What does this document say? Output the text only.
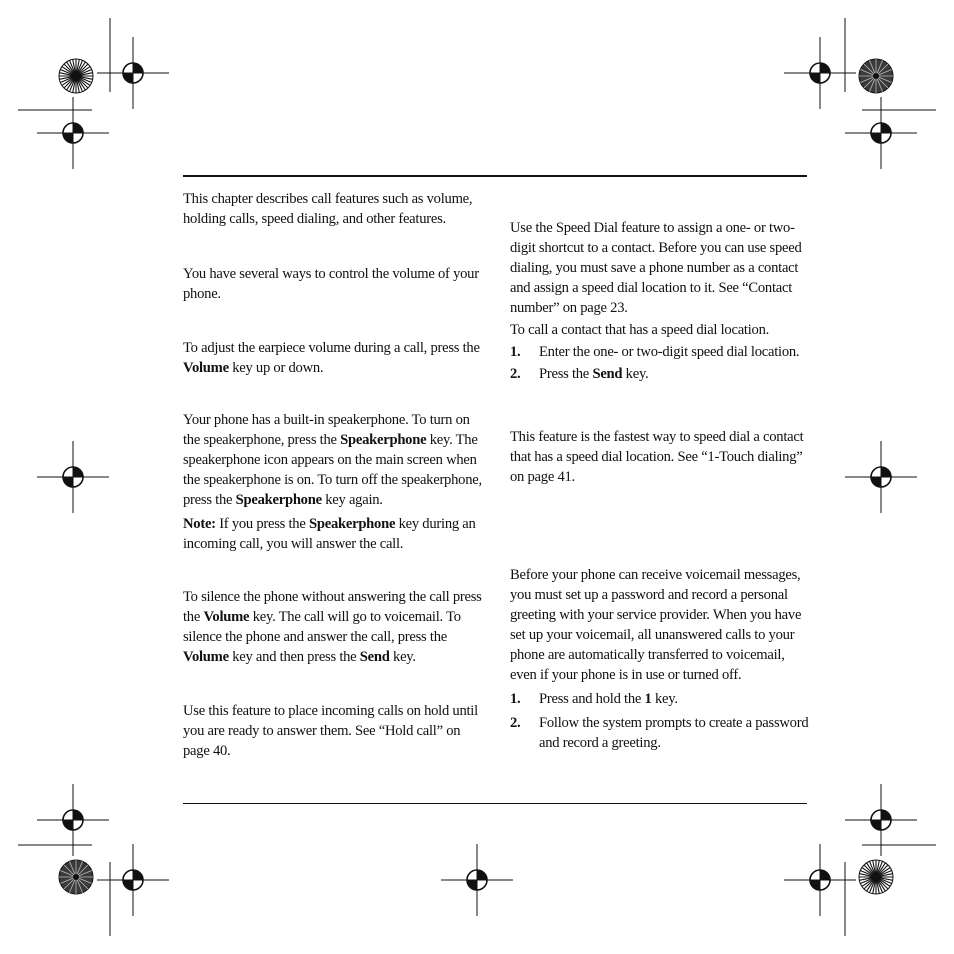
This chapter describes call features such as volume, holding calls, speed dialing, and other features.

You have several ways to control the volume of your phone.

To adjust the earpiece volume during a call, press the Volume key up or down.

Your phone has a built-in speakerphone. To turn on the speakerphone, press the Speakerphone key. The speakerphone icon appears on the main screen when the speakerphone is on. To turn off the speakerphone, press the Speakerphone key again.

Note: If you press the Speakerphone key during an incoming call, you will answer the call.

To silence the phone without answering the call press the Volume key. The call will go to voicemail. To silence the phone and answer the call, press the Volume key and then press the Send key.

Use this feature to place incoming calls on hold until you are ready to answer them. See “Hold call” on page 40.

Use the Speed Dial feature to assign a one- or two-digit shortcut to a contact. Before you can use speed dialing, you must save a phone number as a contact and assign a speed dial location to it. See “Contact number” on page 23.

To call a contact that has a speed dial location.

1. Enter the one- or two-digit speed dial location.
2. Press the Send key.

This feature is the fastest way to speed dial a contact that has a speed dial location. See “1-Touch dialing” on page 41.

Before your phone can receive voicemail messages, you must set up a password and record a personal greeting with your service provider. When you have set up your voicemail, all unanswered calls to your phone are automatically transferred to voicemail, even if your phone is in use or turned off.

1. Press and hold the 1 key.
2. Follow the system prompts to create a password and record a greeting.
